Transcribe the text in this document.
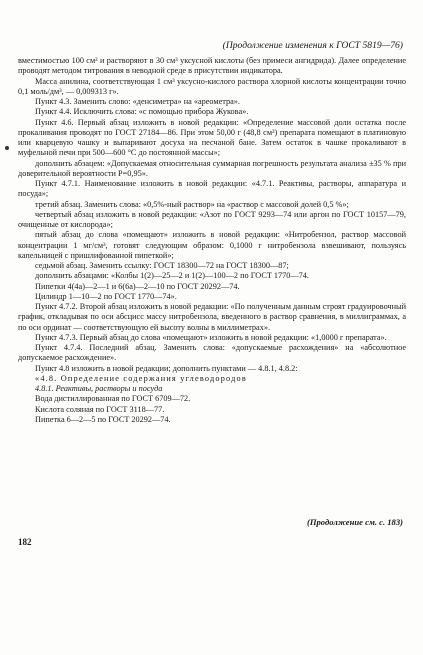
(Продолжение изменения к ГОСТ 5819—76)

вместимостью 100 см³ и растворяют в 30 см³ уксусной кислоты (без примеси ангидрида). Далее определение проводят методом титрования в неводной среде в присутствии индикатора.

Масса анилина, соответствующая 1 см³ уксусно-кислого раствора хлорной кислоты концентрации точно 0,1 моль/дм³, — 0,009313 г».

Пункт 4.3. Заменить слово: «денсиметра» на «ареометра».

Пункт 4.4. Исключить слова: «с помощью прибора Жукова».

Пункт 4.6. Первый абзац изложить в новой редакции: «Определение массовой доли остатка после прокаливания проводят по ГОСТ 27184—86. При этом 50,00 г (48,8 см³) препарата помещают в платиновую или кварцевую чашку и выпаривают досуха на песчаной бане. Затем остаток в чашке прокаливают в муфельной печи при 500—600 °С до постоянной массы»;

дополнить абзацем: «Допускаемая относительная суммарная погрешность результата анализа ±35 % при доверительной вероятности P=0,95».

Пункт 4.7.1. Наименование изложить в новой редакции: «4.7.1. Реактивы, растворы, аппаратура и посуда»;

третий абзац. Заменить слова: «0,5%-ный раствор» на «раствор с массовой долей 0,5 %»;

четвертый абзац изложить в новой редакции: «Азот по ГОСТ 9293—74 или аргон по ГОСТ 10157—79, очищенные от кислорода»;

пятый абзац до слова «помещают» изложить в новой редакции: «Нитробензол, раствор массовой концентрации 1 мг/см³, готовят следующим образом: 0,1000 г нитробензола взвешивают, пользуясь капельницей с пришлифованной пипеткой»;

седьмой абзац. Заменить ссылку: ГОСТ 18300—72 на ГОСТ 18300—87;

дополнить абзацами: «Колбы 1(2)—25—2 и 1(2)—100—2 по ГОСТ 1770—74.

Пипетки 4(4а)—2—1 и 6(6а)—2—10 по ГОСТ 20292—74.

Цилиндр 1—10—2 по ГОСТ 1770—74».

Пункт 4.7.2. Второй абзац изложить в новой редакции: «По полученным данным строят градуировочный график, откладывая по оси абсцисс массу нитробензола, введенного в раствор сравнения, в миллиграммах, а по оси ординат — соответствующую ей высоту волны в миллиметрах».

Пункт 4.7.3. Первый абзац до слова «помещают» изложить в новой редакции: «1,0000 г препарата».

Пункт 4.7.4. Последний абзац. Заменить слова: «допускаемые расхождения» на «абсолютное допускаемое расхождение».

Пункт 4.8 изложить в новой редакции; дополнить пунктами — 4.8.1, 4.8.2:

«4.8. Определение содержания углеводородов

4.8.1. Реактивы, растворы и посуда

Вода дистиллированная по ГОСТ 6709—72.

Кислота соляная по ГОСТ 3118—77.

Пипетка 6—2—5 по ГОСТ 20292—74.

(Продолжение см. с. 183)
182
